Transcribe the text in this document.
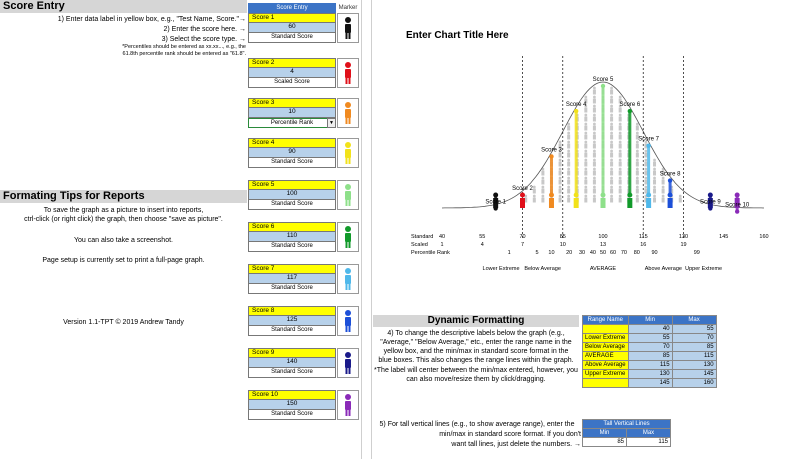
Score Entry	Score Entry	Marker
1) Enter data label in yellow box, e.g., "Test Name, Score."→
2) Enter the score here. →
3) Select the score type. →
*Percentiles should be entered as xx.xx..., e.g., the
61.8th percentile rank should be entered as "61.8".
Score 1
60
Standard Score
Score 2
4
Scaled Score
Score 3
10
Percentile Rank	▼
Score 4
90
Standard Score
Score 5
100
Standard Score
Score 6
110
Standard Score
Score 7
117
Standard Score
Score 8
125
Standard Score
Score 9
140
Standard Score
Score 10
150
Standard Score
Formating Tips for Reports
To save the graph as a picture to insert into reports,
ctrl-click (or right click) the graph, then choose "save as picture".
You can also take a screenshot.
Page setup is currently set to print a full-page graph.
Version 1.1-TPT © 2019 Andrew Tandy
Enter Chart Title Here
Score 1
Score 2
Score 3
Score 4
Score 5
Score 6
Score 7
Score 8
Score 9
Score 10
Standard 40	55	70	85	100	115	130	145	160
Scaled 1	4	7	10	13	16	19
Percentile Rank	1	5 10 20 30 40 50 60 70 80 90	99
Lower Extreme Below Average	AVERAGE	Above Average Upper Extreme
Dynamic Formatting
4) To change the descriptive labels below the graph (e.g.,
"Average," "Below Average," etc., enter the range name in the
yellow box, and the min/max in standard score format in the
blue boxes. This also changes the range lines within the graph.
*The label will center between the min/max entered, however, you
can also move/resize them by click/dragging.
Range Name	Min	Max
	40	55
Lower Extreme	55	70
Below Average	70	85
AVERAGE	85	115
Above Average	115	130
Upper Extreme	130	145
	145	160
5) For tall vertical lines (e.g., to show average range), enter the
min/max in standard score format. If you don't
want tall lines, just delete the numbers. →
Tall Vertical Lines	
Min	Max
85	115
